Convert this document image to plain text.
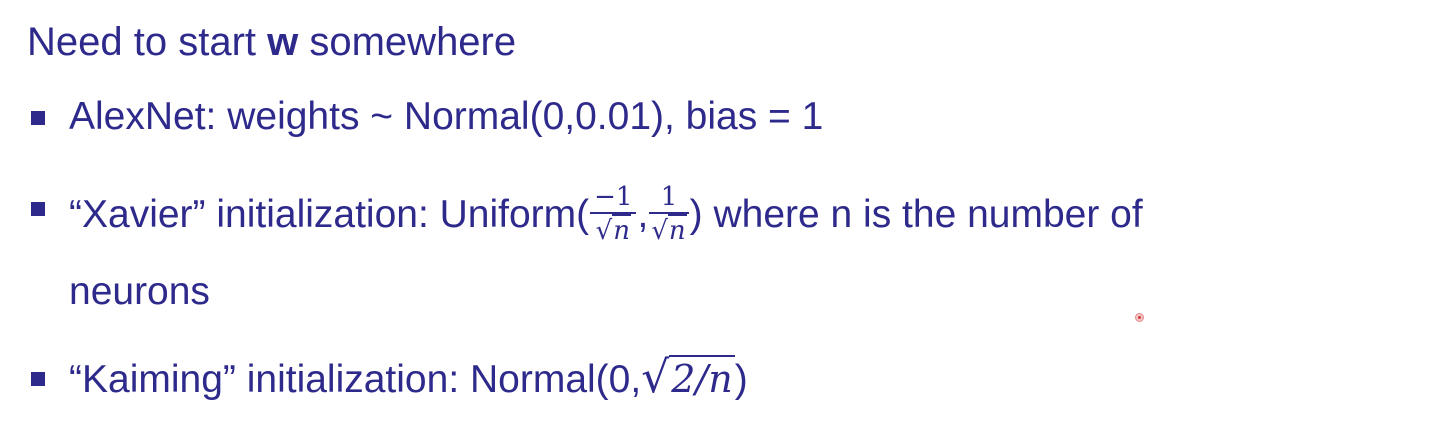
Need to start w somewhere
AlexNet: weights ~ Normal(0,0.01), bias = 1
“Xavier” initialization: Uniform( $\frac{-1}{√n}$ , $\frac{1}{√n}$ ) where n is the number of
neurons
“Kaiming” initialization: Normal(0,√2/n)
